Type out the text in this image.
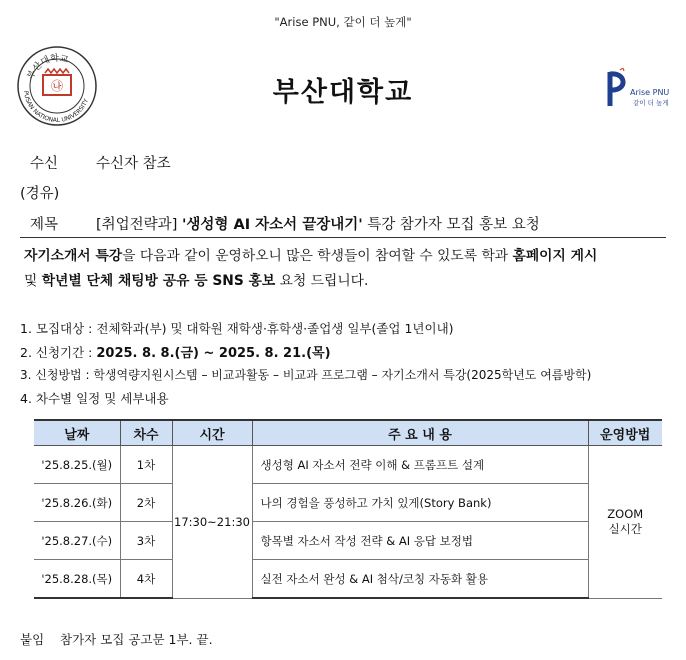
"Arise PNU, 같이 더 높게"
부산대학교
PUSAN NATIONAL UNIVERSITY
㉯	부산대학교	Arise PNU
같이 더 높게
수신	수신자 참조
(경유)
제목	[취업전략과] '생성형 AI 자소서 끝장내기' 특강 참가자 모집 홍보 요청
자기소개서 특강을 다음과 같이 운영하오니 많은 학생들이 참여할 수 있도록 학과 홈페이지 게시
및 학년별 단체 채팅방 공유 등 SNS 홍보 요청 드립니다.
1. 모집대상 : 전체학과(부) 및 대학원 재학생·휴학생·졸업생 일부(졸업 1년이내)
2. 신청기간 : 2025. 8. 8.(금) ~ 2025. 8. 21.(목)
3. 신청방법 : 학생역량지원시스템 – 비교과활동 – 비교과 프로그램 – 자기소개서 특강(2025학년도 여름방학)
4. 차수별 일정 및 세부내용
날짜	차수	시간	주 요 내 용	운영방법
'25.8.25.(월)	1차	17:30~21:30	생성형 AI 자소서 전략 이해 & 프롬프트 설계	ZOOM
실시간

'25.8.26.(화)	2차		나의 경험을 풍성하고 가치 있게(Story Bank)	
'25.8.27.(수)	3차		항목별 자소서 작성 전략 & AI 응답 보정법	
'25.8.28.(목)	4차		실전 자소서 완성 & AI 첨삭/코칭 자동화 활용	
붙임 참가자 모집 공고문 1부. 끝.
